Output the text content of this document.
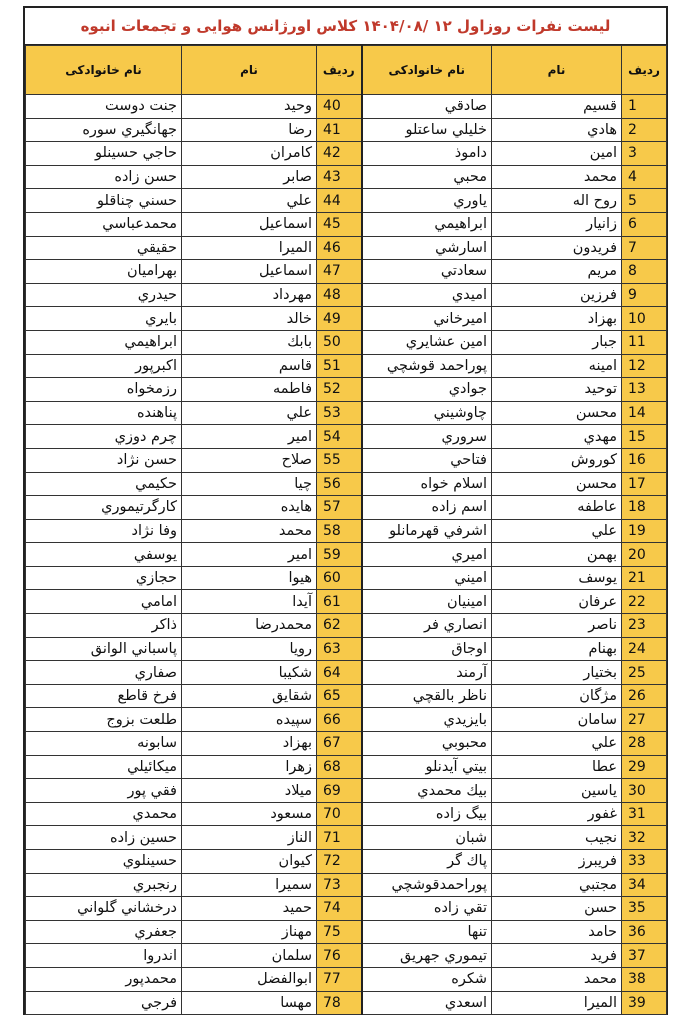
لیست نفرات روزاول ۱۲ /۱۴۰۴/۰۸ کلاس اورژانس هوایی و تجمعات انبوه
رديف	نام	نام خانوادكی	رديف	نام	نام خانوادكی
1	قسيم	صادقي	40	وحيد	جنت دوست
2	هادي	خليلي ساعتلو	41	رضا	جهانگيري سوره
3	امين	داموذ	42	كامران	حاجي حسينلو
4	محمد	محبي	43	صابر	حسن زاده
5	روح اله	ياوري	44	علي	حسني چناقلو
6	زانيار	ابراهيمي	45	اسماعيل	محمدعباسي
7	فريدون	اسارشي	46	الميرا	حقيقي
8	مريم	سعادتي	47	اسماعيل	بهراميان
9	فرزين	اميدي	48	مهرداد	حيدري
10	بهزاد	اميرخاني	49	خالد	بايري
11	جبار	امين عشايري	50	بابك	ابراهيمي
12	امينه	پوراحمد قوشچي	51	قاسم	اكبرپور
13	توحيد	جوادي	52	فاطمه	رزمخواه
14	محسن	چاوشيني	53	علي	پناهنده
15	مهدي	سروري	54	امير	چرم دوزي
16	كوروش	فتاحي	55	صلاح	حسن نژاد
17	محسن	اسلام خواه	56	چيا	حكيمي
18	عاطفه	اسم زاده	57	هايده	كارگرتيموري
19	علي	اشرفي قهرمانلو	58	محمد	وفا نژاد
20	بهمن	اميري	59	امير	يوسفي
21	يوسف	اميني	60	هيوا	حجازي
22	عرفان	امينيان	61	آيدا	امامي
23	ناصر	انصاري فر	62	محمدرضا	ذاكر
24	بهنام	اوجاق	63	رويا	پاسباني الوانق
25	بختيار	آرمند	64	شكيبا	صفاري
26	مژگان	ناظر بالقچي	65	شقايق	فرخ قاطع
27	سامان	بايزيدي	66	سپيده	طلعت بزوج
28	علي	محبوبي	67	بهزاد	سابونه
29	عطا	بيتي آيدنلو	68	زهرا	ميكائيلي
30	ياسين	بيك محمدي	69	ميلاد	فقي پور
31	غفور	بيگ زاده	70	مسعود	محمدي
32	نجيب	شبان	71	الناز	حسين زاده
33	فريبرز	پاك گر	72	كيوان	حسينلوي
34	مجتبي	پوراحمدقوشچي	73	سميرا	رنجبري
35	حسن	تقي زاده	74	حميد	درخشاني گلواني
36	حامد	تنها	75	مهناز	جعفري
37	فريد	تيموري جهريق	76	سلمان	اندروا
38	محمد	شكره	77	ابوالفضل	محمدپور
39	الميرا	اسعدي	78	مهسا	فرجي
